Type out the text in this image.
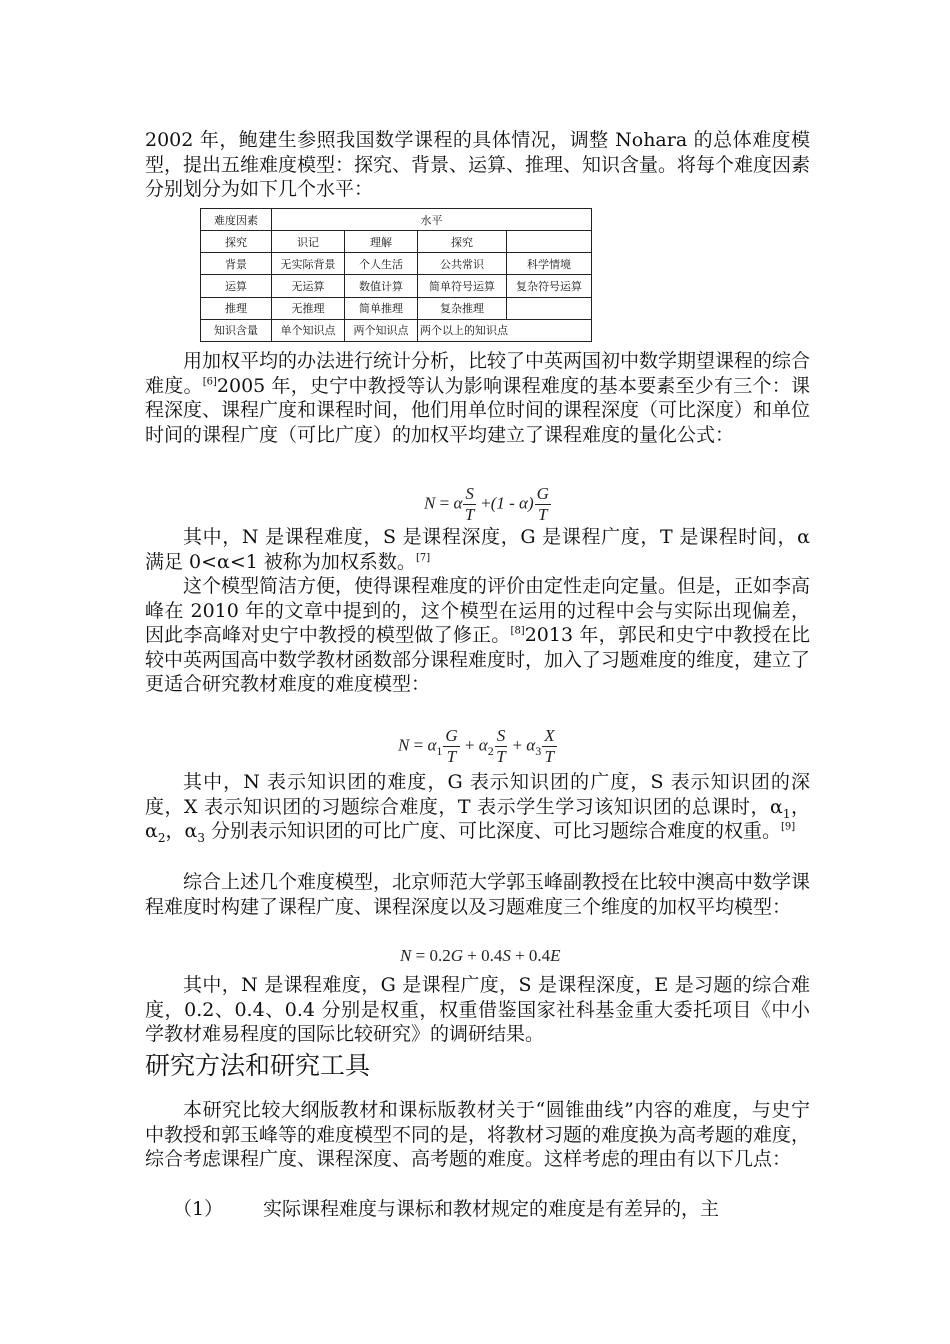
2002 年，鲍建生参照我国数学课程的具体情况，调整 Nohara 的总体难度模型，提出五维难度模型：探究、背景、运算、推理、知识含量。将每个难度因素分别划分为如下几个水平：

难度因素	水平			
探究	识记	理解	探究	
背景	无实际背景	个人生活	公共常识	科学情境
运算	无运算	数值计算	简单符号运算	复杂符号运算
推理	无推理	简单推理	复杂推理	
知识含量	单个知识点	两个知识点	两个以上的知识点	

用加权平均的办法进行统计分析，比较了中英两国初中数学期望课程的综合难度。[6]2005 年，史宁中教授等认为影响课程难度的基本要素至少有三个：课程深度、课程广度和课程时间，他们用单位时间的课程深度（可比深度）和单位时间的课程广度（可比广度）的加权平均建立了课程难度的量化公式：

N = α $\frac{S}{T} +(1 - \alpha) \frac{G}{T}$

其中，N 是课程难度，S 是课程深度，G 是课程广度，T 是课程时间，α 满足 0<α<1 被称为加权系数。[7]

这个模型简洁方便，使得课程难度的评价由定性走向定量。但是，正如李高峰在 2010 年的文章中提到的，这个模型在运用的过程中会与实际出现偏差，因此李高峰对史宁中教授的模型做了修正。[8]2013 年，郭民和史宁中教授在比较中英两国高中数学教材函数部分课程难度时，加入了习题难度的维度，建立了更适合研究教材难度的难度模型：

$N = \alpha_1 \frac{G}{T} + \alpha_2 \frac{S}{T} + \alpha_3 \frac{X}{T}$

其中，N 表示知识团的难度，G 表示知识团的广度，S 表示知识团的深度，X 表示知识团的习题综合难度，T 表示学生学习该知识团的总课时，$\alpha_1$，$\alpha_2$，$\alpha_3$ 分别表示知识团的可比广度、可比深度、可比习题综合难度的权重。[9]

综合上述几个难度模型，北京师范大学郭玉峰副教授在比较中澳高中数学课程难度时构建了课程广度、课程深度以及习题难度三个维度的加权平均模型：

N = 0.2G + 0.4S + 0.4E

其中，N 是课程难度，G 是课程广度，S 是课程深度，E 是习题的综合难度，0.2、0.4、0.4 分别是权重，权重借鉴国家社科基金重大委托项目《中小学教材难易程度的国际比较研究》的调研结果。

研究方法和研究工具

本研究比较大纲版教材和课标版教材关于“圆锥曲线”内容的难度，与史宁中教授和郭玉峰等的难度模型不同的是，将教材习题的难度换为高考题的难度，综合考虑课程广度、课程深度、高考题的难度。这样考虑的理由有以下几点：

（1） 实际课程难度与课标和教材规定的难度是有差异的，主
